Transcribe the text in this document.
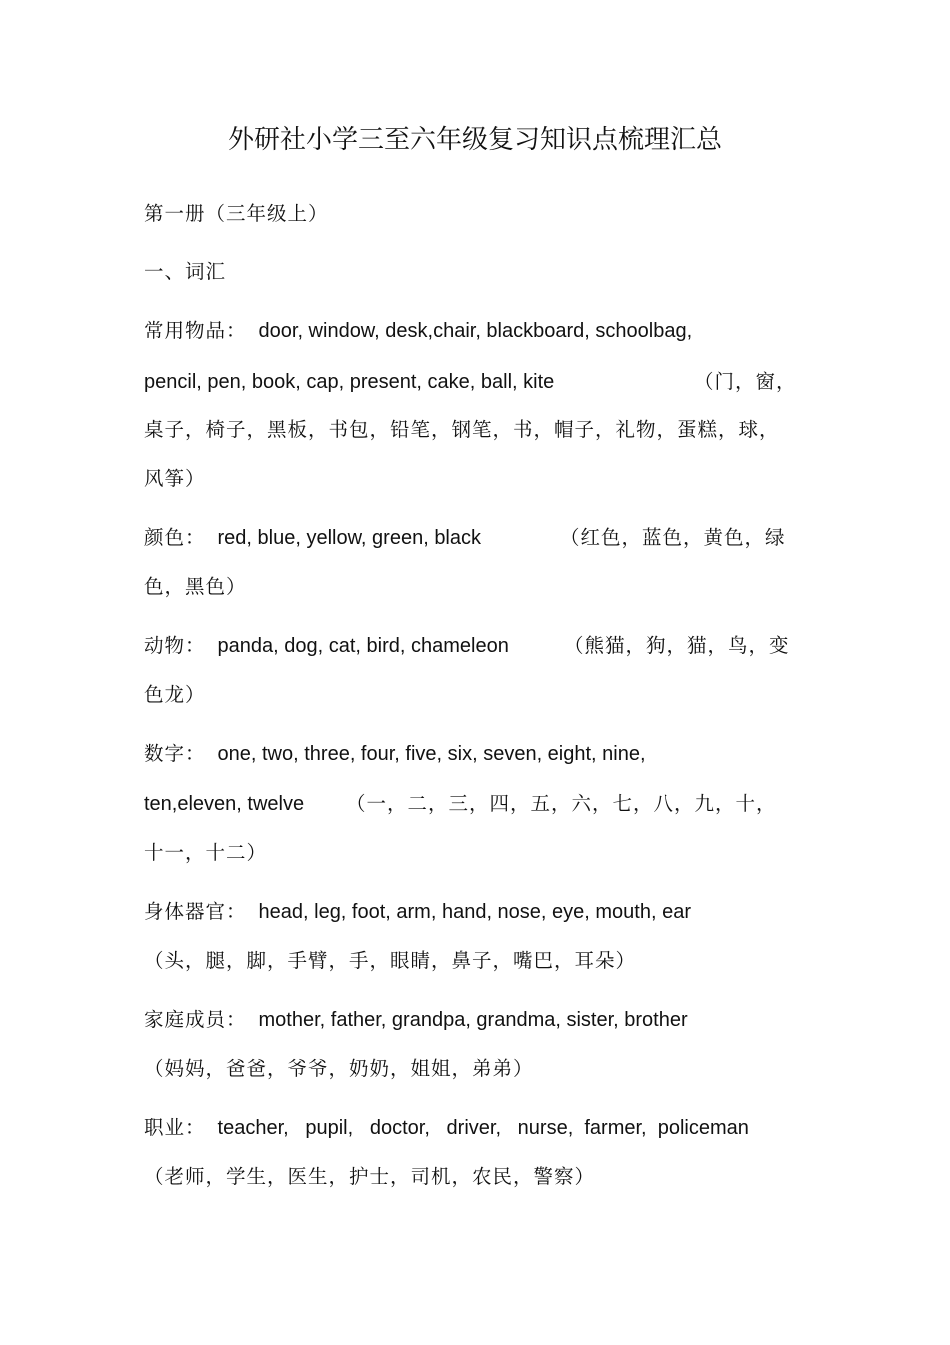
外研社小学三至六年级复习知识点梳理汇总
第一册（三年级上）
一、词汇
常用物品： door, window, desk,chair, blackboard, schoolbag,
pencil, pen, book, cap, present, cake, ball, kite	（门，窗，
桌子，椅子，黑板，书包，铅笔，钢笔，书，帽子，礼物，蛋糕，球，
风筝）
颜色： red, blue, yellow, green, black	（红色，蓝色，黄色，绿
色，黑色）
动物： panda, dog, cat, bird, chameleon	（熊猫，狗，猫，鸟，变
色龙）
数字： one, two, three, four, five, six, seven, eight, nine,
ten,eleven, twelve （一，二，三，四，五，六，七，八，九，十，
十一，十二）
身体器官： head, leg, foot, arm, hand, nose, eye, mouth, ear
（头，腿，脚，手臂，手，眼睛，鼻子，嘴巴，耳朵）
家庭成员： mother, father, grandpa, grandma, sister, brother
（妈妈，爸爸，爷爷，奶奶，姐姐，弟弟）
职业： teacher,   pupil,   doctor,   driver,   nurse,  farmer,  policeman
（老师，学生，医生，护士，司机，农民，警察）
